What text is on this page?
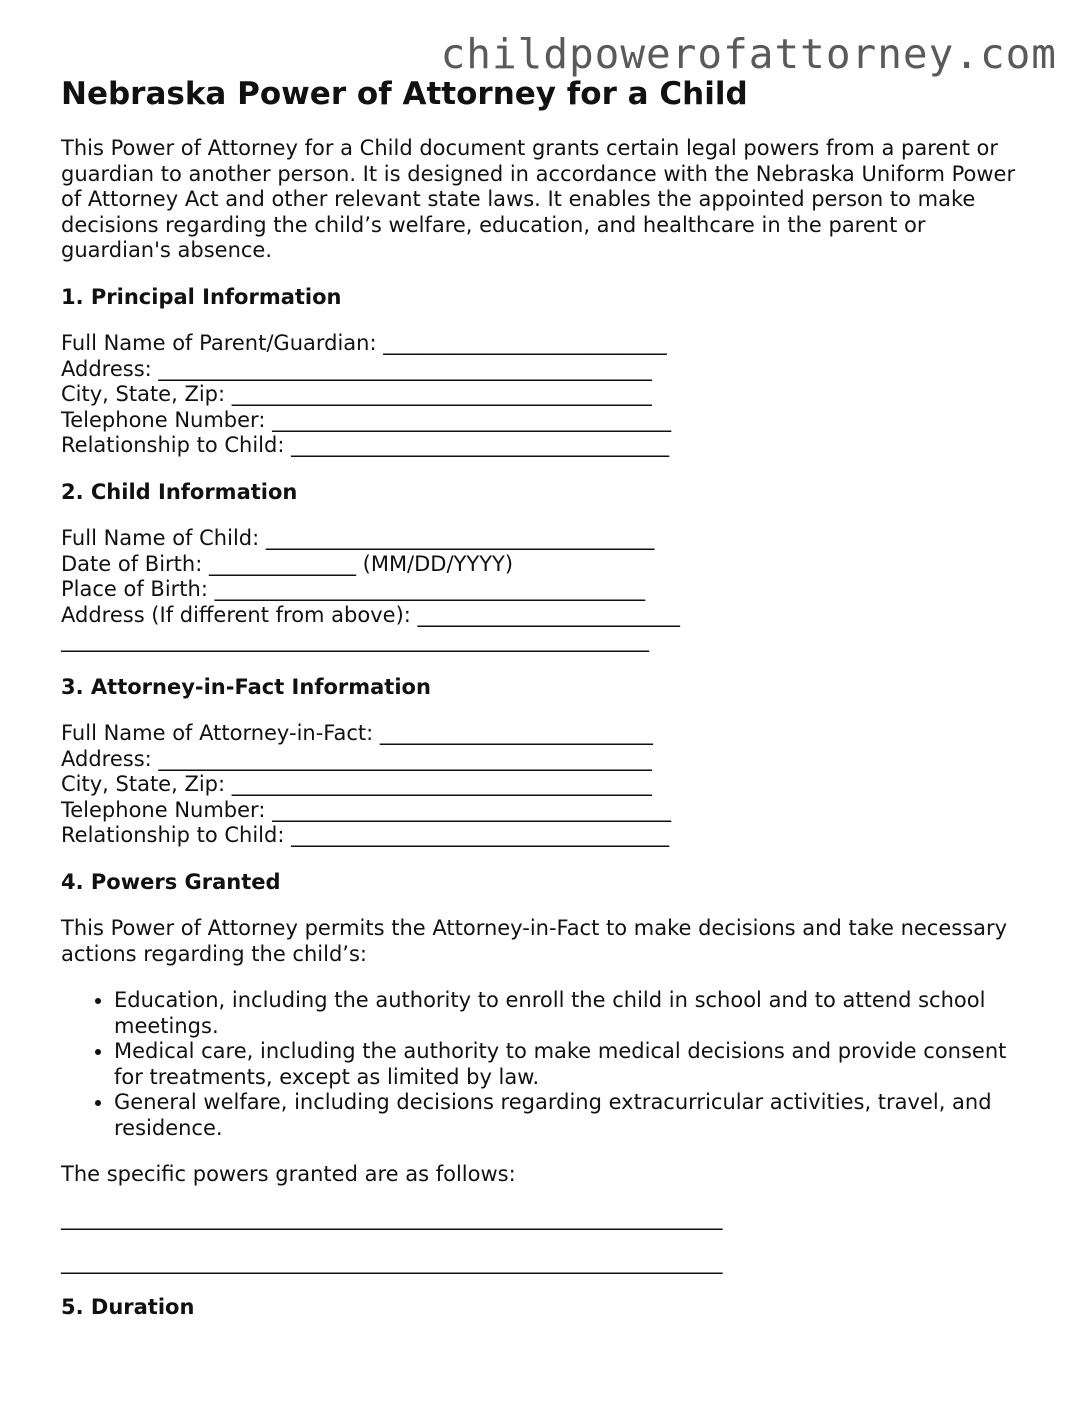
childpowerofattorney.com
Nebraska Power of Attorney for a Child

This Power of Attorney for a Child document grants certain legal powers from a parent or guardian to another person. It is designed in accordance with the Nebraska Uniform Power of Attorney Act and other relevant state laws. It enables the appointed person to make decisions regarding the child’s welfare, education, and healthcare in the parent or guardian's absence.

1. Principal Information
Full Name of Parent/Guardian: ___________________________
Address: _______________________________________________
City, State, Zip: ________________________________________
Telephone Number: ______________________________________
Relationship to Child: ____________________________________
2. Child Information
Full Name of Child: _____________________________________
Date of Birth: ______________ (MM/DD/YYYY)
Place of Birth: _________________________________________
Address (If different from above): _________________________
________________________________________________________
3. Attorney-in-Fact Information
Full Name of Attorney-in-Fact: __________________________
Address: _______________________________________________
City, State, Zip: ________________________________________
Telephone Number: ______________________________________
Relationship to Child: ____________________________________
4. Powers Granted

This Power of Attorney permits the Attorney-in-Fact to make decisions and take necessary actions regarding the child’s:

• Education, including the authority to enroll the child in school and to attend school meetings.
• Medical care, including the authority to make medical decisions and provide consent for treatments, except as limited by law.
• General welfare, including decisions regarding extracurricular activities, travel, and residence.

The specific powers granted are as follows:

_______________________________________________________________
_______________________________________________________________
5. Duration
